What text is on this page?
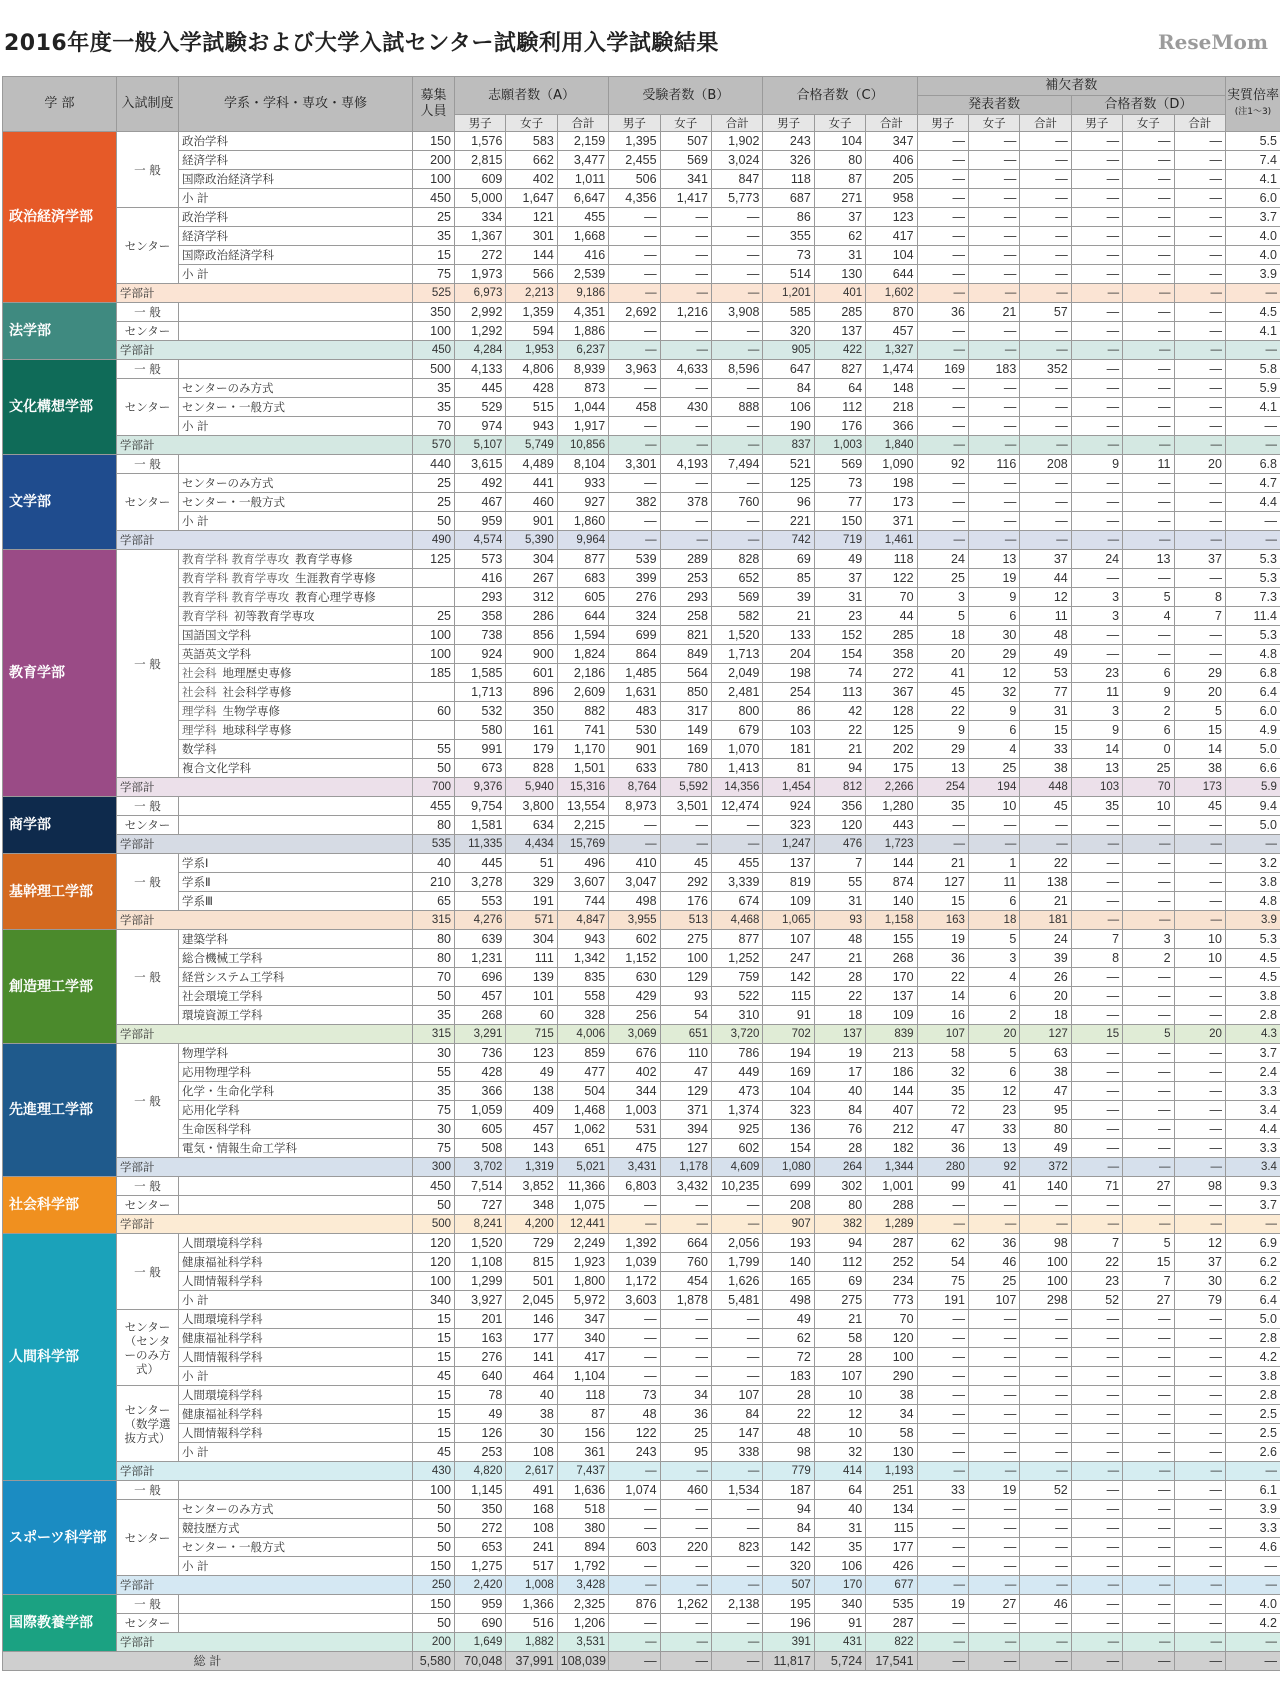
2016年度一般入学試験および大学入試センター試験利用入学試験結果	ReseMom
学 部	入試制度	学系・学科・専攻・専修	募集人員	志願者数（A）			受験者数（B）			合格者数（C）			補欠者数						実質倍率
(注1～3)
													発表者数			合格者数（D）			
				男子	女子	合計	男子	女子	合計	男子	女子	合計	男子	女子	合計	男子	女子	合計	
政治経済学部	一 般	政治学科	150	1,576	583	2,159	1,395	507	1,902	243	104	347	—	—	—	—	—	—	5.5
		経済学科	200	2,815	662	3,477	2,455	569	3,024	326	80	406	—	—	—	—	—	—	7.4
		国際政治経済学科	100	609	402	1,011	506	341	847	118	87	205	—	—	—	—	—	—	4.1
		小 計	450	5,000	1,647	6,647	4,356	1,417	5,773	687	271	958	—	—	—	—	—	—	6.0
	センター	政治学科	25	334	121	455	—	—	—	86	37	123	—	—	—	—	—	—	3.7
		経済学科	35	1,367	301	1,668	—	—	—	355	62	417	—	—	—	—	—	—	4.0
		国際政治経済学科	15	272	144	416	—	—	—	73	31	104	—	—	—	—	—	—	4.0
		小 計	75	1,973	566	2,539	—	—	—	514	130	644	—	—	—	—	—	—	3.9
	学部計		525	6,973	2,213	9,186	—	—	—	1,201	401	1,602	—	—	—	—	—	—	—
法学部	一 般		350	2,992	1,359	4,351	2,692	1,216	3,908	585	285	870	36	21	57	—	—	—	4.5
	センター		100	1,292	594	1,886	—	—	—	320	137	457	—	—	—	—	—	—	4.1
	学部計		450	4,284	1,953	6,237	—	—	—	905	422	1,327	—	—	—	—	—	—	—
文化構想学部	一 般		500	4,133	4,806	8,939	3,963	4,633	8,596	647	827	1,474	169	183	352	—	—	—	5.8
	センター	センターのみ方式	35	445	428	873	—	—	—	84	64	148	—	—	—	—	—	—	5.9
		センター・一般方式	35	529	515	1,044	458	430	888	106	112	218	—	—	—	—	—	—	4.1
		小 計	70	974	943	1,917	—	—	—	190	176	366	—	—	—	—	—	—	—
	学部計		570	5,107	5,749	10,856	—	—	—	837	1,003	1,840	—	—	—	—	—	—	—
文学部	一 般		440	3,615	4,489	8,104	3,301	4,193	7,494	521	569	1,090	92	116	208	9	11	20	6.8
	センター	センターのみ方式	25	492	441	933	—	—	—	125	73	198	—	—	—	—	—	—	4.7
		センター・一般方式	25	467	460	927	382	378	760	96	77	173	—	—	—	—	—	—	4.4
		小 計	50	959	901	1,860	—	—	—	221	150	371	—	—	—	—	—	—	—
	学部計		490	4,574	5,390	9,964	—	—	—	742	719	1,461	—	—	—	—	—	—	—
教育学部	一 般	教育学科 教育学専攻 教育学専修	125	573	304	877	539	289	828	69	49	118	24	13	37	24	13	37	5.3
		教育学科 教育学専攻 生涯教育学専修		416	267	683	399	253	652	85	37	122	25	19	44	—	—	—	5.3
		教育学科 教育学専攻 教育心理学専修		293	312	605	276	293	569	39	31	70	3	9	12	3	5	8	7.3
		教育学科 初等教育学専攻	25	358	286	644	324	258	582	21	23	44	5	6	11	3	4	7	11.4
		国語国文学科	100	738	856	1,594	699	821	1,520	133	152	285	18	30	48	—	—	—	5.3
		英語英文学科	100	924	900	1,824	864	849	1,713	204	154	358	20	29	49	—	—	—	4.8
		社会科 地理歴史専修	185	1,585	601	2,186	1,485	564	2,049	198	74	272	41	12	53	23	6	29	6.8
		社会科 社会科学専修		1,713	896	2,609	1,631	850	2,481	254	113	367	45	32	77	11	9	20	6.4
		理学科 生物学専修	60	532	350	882	483	317	800	86	42	128	22	9	31	3	2	5	6.0
		理学科 地球科学専修		580	161	741	530	149	679	103	22	125	9	6	15	9	6	15	4.9
		数学科	55	991	179	1,170	901	169	1,070	181	21	202	29	4	33	14	0	14	5.0
		複合文化学科	50	673	828	1,501	633	780	1,413	81	94	175	13	25	38	13	25	38	6.6
	学部計		700	9,376	5,940	15,316	8,764	5,592	14,356	1,454	812	2,266	254	194	448	103	70	173	5.9
商学部	一 般		455	9,754	3,800	13,554	8,973	3,501	12,474	924	356	1,280	35	10	45	35	10	45	9.4
	センター		80	1,581	634	2,215	—	—	—	323	120	443	—	—	—	—	—	—	5.0
	学部計		535	11,335	4,434	15,769	—	—	—	1,247	476	1,723	—	—	—	—	—	—	—
基幹理工学部	一 般	学系Ⅰ	40	445	51	496	410	45	455	137	7	144	21	1	22	—	—	—	3.2
		学系Ⅱ	210	3,278	329	3,607	3,047	292	3,339	819	55	874	127	11	138	—	—	—	3.8
		学系Ⅲ	65	553	191	744	498	176	674	109	31	140	15	6	21	—	—	—	4.8
	学部計		315	4,276	571	4,847	3,955	513	4,468	1,065	93	1,158	163	18	181	—	—	—	3.9
創造理工学部	一 般	建築学科	80	639	304	943	602	275	877	107	48	155	19	5	24	7	3	10	5.3
		総合機械工学科	80	1,231	111	1,342	1,152	100	1,252	247	21	268	36	3	39	8	2	10	4.5
		経営システム工学科	70	696	139	835	630	129	759	142	28	170	22	4	26	—	—	—	4.5
		社会環境工学科	50	457	101	558	429	93	522	115	22	137	14	6	20	—	—	—	3.8
		環境資源工学科	35	268	60	328	256	54	310	91	18	109	16	2	18	—	—	—	2.8
	学部計		315	3,291	715	4,006	3,069	651	3,720	702	137	839	107	20	127	15	5	20	4.3
先進理工学部	一 般	物理学科	30	736	123	859	676	110	786	194	19	213	58	5	63	—	—	—	3.7
		応用物理学科	55	428	49	477	402	47	449	169	17	186	32	6	38	—	—	—	2.4
		化学・生命化学科	35	366	138	504	344	129	473	104	40	144	35	12	47	—	—	—	3.3
		応用化学科	75	1,059	409	1,468	1,003	371	1,374	323	84	407	72	23	95	—	—	—	3.4
		生命医科学科	30	605	457	1,062	531	394	925	136	76	212	47	33	80	—	—	—	4.4
		電気・情報生命工学科	75	508	143	651	475	127	602	154	28	182	36	13	49	—	—	—	3.3
	学部計		300	3,702	1,319	5,021	3,431	1,178	4,609	1,080	264	1,344	280	92	372	—	—	—	3.4
社会科学部	一 般		450	7,514	3,852	11,366	6,803	3,432	10,235	699	302	1,001	99	41	140	71	27	98	9.3
	センター		50	727	348	1,075	—	—	—	208	80	288	—	—	—	—	—	—	3.7
	学部計		500	8,241	4,200	12,441	—	—	—	907	382	1,289	—	—	—	—	—	—	—
人間科学部	一 般	人間環境科学科	120	1,520	729	2,249	1,392	664	2,056	193	94	287	62	36	98	7	5	12	6.9
		健康福祉科学科	120	1,108	815	1,923	1,039	760	1,799	140	112	252	54	46	100	22	15	37	6.2
		人間情報科学科	100	1,299	501	1,800	1,172	454	1,626	165	69	234	75	25	100	23	7	30	6.2
		小 計	340	3,927	2,045	5,972	3,603	1,878	5,481	498	275	773	191	107	298	52	27	79	6.4
	センター（センターのみ方式）	人間環境科学科	15	201	146	347	—	—	—	49	21	70	—	—	—	—	—	—	5.0
		健康福祉科学科	15	163	177	340	—	—	—	62	58	120	—	—	—	—	—	—	2.8
		人間情報科学科	15	276	141	417	—	—	—	72	28	100	—	—	—	—	—	—	4.2
		小 計	45	640	464	1,104	—	—	—	183	107	290	—	—	—	—	—	—	3.8
	センター（数学選抜方式）	人間環境科学科	15	78	40	118	73	34	107	28	10	38	—	—	—	—	—	—	2.8
		健康福祉科学科	15	49	38	87	48	36	84	22	12	34	—	—	—	—	—	—	2.5
		人間情報科学科	15	126	30	156	122	25	147	48	10	58	—	—	—	—	—	—	2.5
		小 計	45	253	108	361	243	95	338	98	32	130	—	—	—	—	—	—	2.6
	学部計		430	4,820	2,617	7,437	—	—	—	779	414	1,193	—	—	—	—	—	—	—
スポーツ科学部	一 般		100	1,145	491	1,636	1,074	460	1,534	187	64	251	33	19	52	—	—	—	6.1
	センター	センターのみ方式	50	350	168	518	—	—	—	94	40	134	—	—	—	—	—	—	3.9
		競技歴方式	50	272	108	380	—	—	—	84	31	115	—	—	—	—	—	—	3.3
		センター・一般方式	50	653	241	894	603	220	823	142	35	177	—	—	—	—	—	—	4.6
		小 計	150	1,275	517	1,792	—	—	—	320	106	426	—	—	—	—	—	—	—
	学部計		250	2,420	1,008	3,428	—	—	—	507	170	677	—	—	—	—	—	—	—
国際教養学部	一 般		150	959	1,366	2,325	876	1,262	2,138	195	340	535	19	27	46	—	—	—	4.0
	センター		50	690	516	1,206	—	—	—	196	91	287	—	—	—	—	—	—	4.2
	学部計		200	1,649	1,882	3,531	—	—	—	391	431	822	—	—	—	—	—	—	—
総 計			5,580	70,048	37,991	108,039	—	—	—	11,817	5,724	17,541	—	—	—	—	—	—	—
